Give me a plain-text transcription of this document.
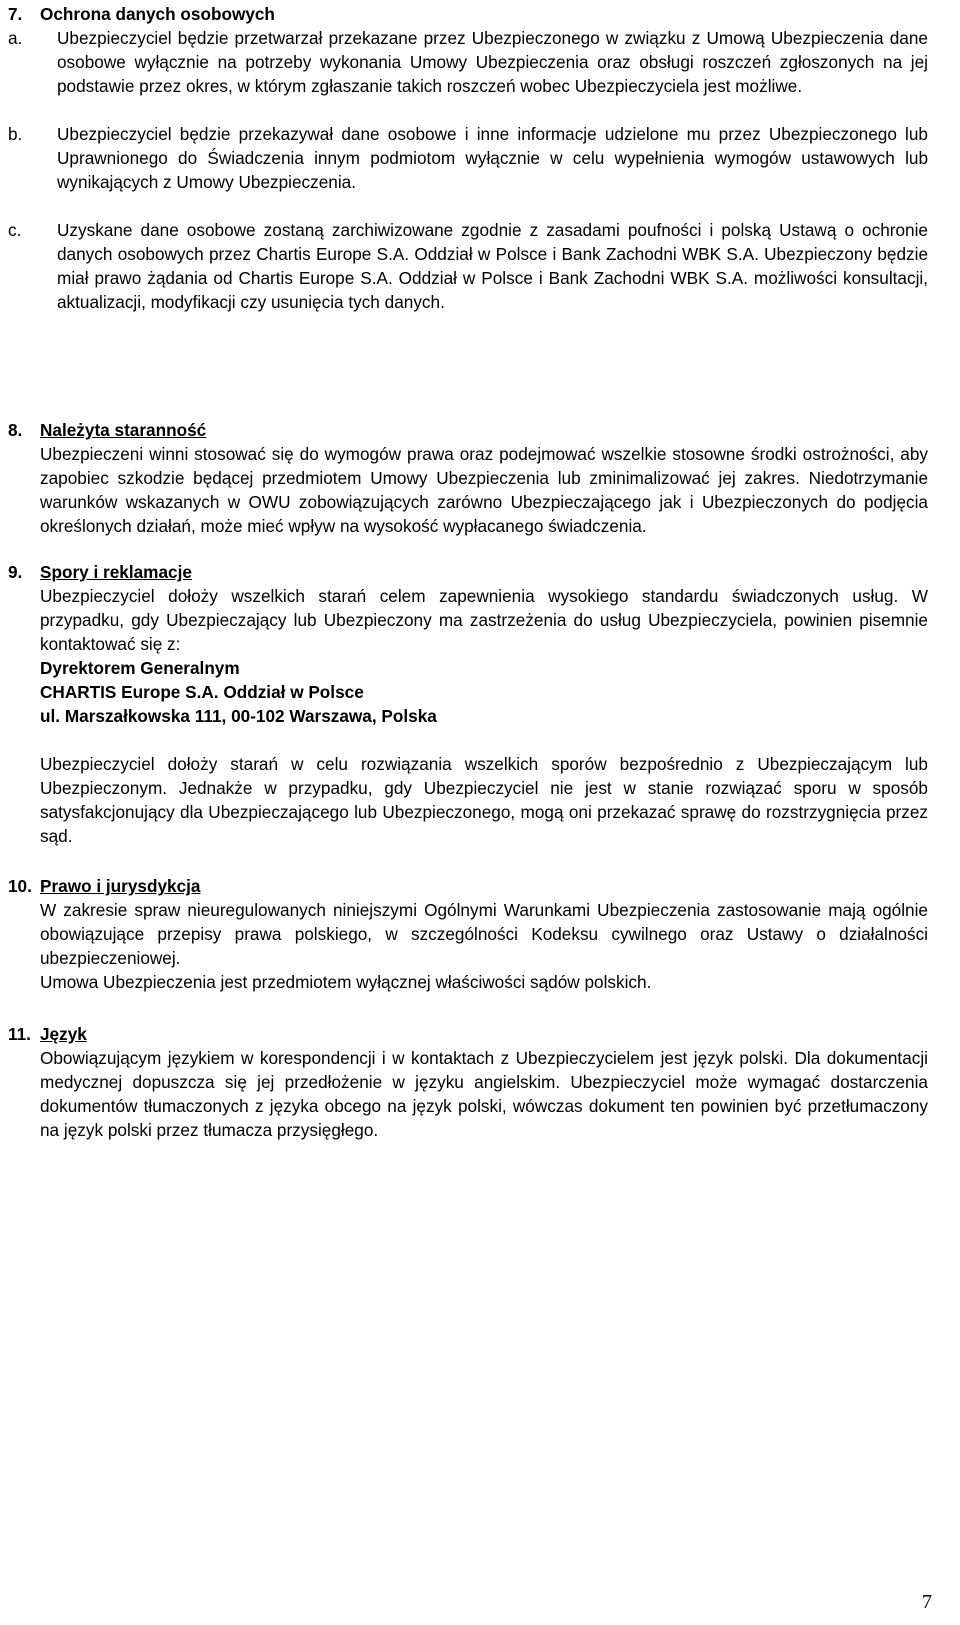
7.	Ochrona danych osobowych
a.	Ubezpieczyciel będzie przetwarzał przekazane przez Ubezpieczonego w związku z Umową Ubezpieczenia dane osobowe wyłącznie na potrzeby wykonania Umowy Ubezpieczenia oraz obsługi roszczeń zgłoszonych na jej podstawie przez okres, w którym zgłaszanie takich roszczeń wobec Ubezpieczyciela jest możliwe.
b.	Ubezpieczyciel będzie przekazywał dane osobowe i inne informacje udzielone mu przez Ubezpieczonego lub Uprawnionego do Świadczenia innym podmiotom wyłącznie w celu wypełnienia wymogów ustawowych lub wynikających z Umowy Ubezpieczenia.
c.	Uzyskane dane osobowe zostaną zarchiwizowane zgodnie z zasadami poufności i polską Ustawą o ochronie danych osobowych przez Chartis Europe S.A. Oddział w Polsce i Bank Zachodni WBK S.A. Ubezpieczony będzie miał prawo żądania od Chartis Europe S.A. Oddział w Polsce i Bank Zachodni WBK S.A. możliwości konsultacji, aktualizacji, modyfikacji czy usunięcia tych danych.
8.	Należyta staranność
Ubezpieczeni winni stosować się do wymogów prawa oraz podejmować wszelkie stosowne środki ostrożności, aby zapobiec szkodzie będącej przedmiotem Umowy Ubezpieczenia lub zminimalizować jej zakres. Niedotrzymanie warunków wskazanych w OWU zobowiązujących zarówno Ubezpieczającego jak i Ubezpieczonych do podjęcia określonych działań, może mieć wpływ na wysokość wypłacanego świadczenia.
9.	Spory i reklamacje
Ubezpieczyciel dołoży wszelkich starań celem zapewnienia wysokiego standardu świadczonych usług. W przypadku, gdy Ubezpieczający lub Ubezpieczony ma zastrzeżenia do usług Ubezpieczyciela, powinien pisemnie kontaktować się z:
Dyrektorem Generalnym
CHARTIS Europe S.A. Oddział w Polsce
ul. Marszałkowska 111, 00-102 Warszawa, Polska
Ubezpieczyciel dołoży starań w celu rozwiązania wszelkich sporów bezpośrednio z Ubezpieczającym lub Ubezpieczonym. Jednakże w przypadku, gdy Ubezpieczyciel nie jest w stanie rozwiązać sporu w sposób satysfakcjonujący dla Ubezpieczającego lub Ubezpieczonego, mogą oni przekazać sprawę do rozstrzygnięcia przez sąd.
10. Prawo i jurysdykcja
W zakresie spraw nieuregulowanych niniejszymi Ogólnymi Warunkami Ubezpieczenia zastosowanie mają ogólnie obowiązujące przepisy prawa polskiego, w szczególności Kodeksu cywilnego oraz Ustawy o działalności ubezpieczeniowej.
Umowa Ubezpieczenia jest przedmiotem wyłącznej właściwości sądów polskich.
11. Język
Obowiązującym językiem w korespondencji i w kontaktach z Ubezpieczycielem jest język polski. Dla dokumentacji medycznej dopuszcza się jej przedłożenie w języku angielskim. Ubezpieczyciel może wymagać dostarczenia dokumentów tłumaczonych z języka obcego na język polski, wówczas dokument ten powinien być przetłumaczony na język polski przez tłumacza przysięgłego.
7
